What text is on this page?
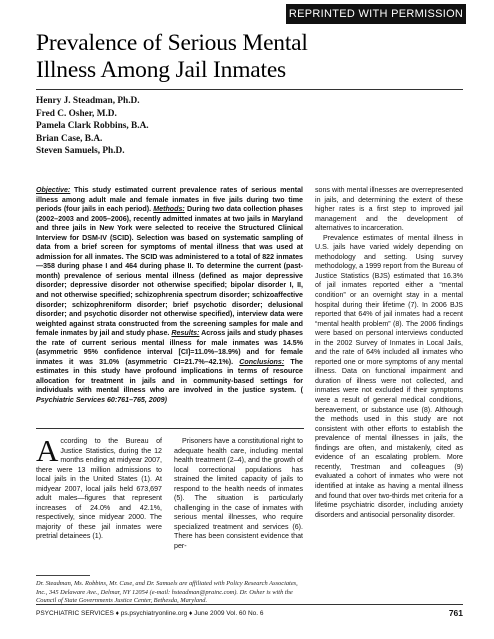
REPRINTED WITH PERMISSION
Prevalence of Serious Mental
Illness Among Jail Inmates
Henry J. Steadman, Ph.D.
Fred C. Osher, M.D.
Pamela Clark Robbins, B.A.
Brian Case, B.A.
Steven Samuels, Ph.D.
Objective: This study estimated current prevalence rates of serious mental illness among adult male and female inmates in five jails during two time periods (four jails in each period). Methods: During two data collection phases (2002–2003 and 2005–2006), recently admitted inmates at two jails in Maryland and three jails in New York were selected to receive the Structured Clinical Interview for DSM-IV (SCID). Selection was based on systematic sampling of data from a brief screen for symptoms of mental illness that was used at admission for all inmates. The SCID was administered to a total of 822 inmates—358 during phase I and 464 during phase II. To determine the current (past-month) prevalence of serious mental illness (defined as major depressive disorder; depressive disorder not otherwise specified; bipolar disorder I, II, and not otherwise specified; schizophrenia spectrum disorder; schizoaffective disorder; schizophreniform disorder; brief psychotic disorder; delusional disorder; and psychotic disorder not otherwise specified), interview data were weighted against strata constructed from the screening samples for male and female inmates by jail and study phase. Results: Across jails and study phases the rate of current serious mental illness for male inmates was 14.5% (asymmetric 95% confidence interval [CI]=11.0%–18.9%) and for female inmates it was 31.0% (asymmetric CI=21.7%–42.1%). Conclusions: The estimates in this study have profound implications in terms of resource allocation for treatment in jails and in community-based settings for individuals with mental illness who are involved in the justice system. ( Psychiatric Services 60:761–765, 2009)

According to the Bureau of Justice Statistics, during the 12 months ending at midyear 2007, there were 13 million admissions to local jails in the United States (1). At midyear 2007, local jails held 673,697 adult males—figures that represent increases of 24.0% and 42.1%, respectively, since midyear 2000. The majority of these jail inmates were pretrial detainees (1).

Prisoners have a constitutional right to adequate health care, including mental health treatment (2–4), and the growth of local correctional populations has strained the limited capacity of jails to respond to the health needs of inmates (5). The situation is particularly challenging in the case of inmates with serious mental illnesses, who require specialized treatment and services (6). There has been consistent evidence that per-

sons with mental illnesses are overrepresented in jails, and determining the extent of these higher rates is a first step to improved jail management and the development of alternatives to incarceration.

Prevalence estimates of mental illness in U.S. jails have varied widely depending on methodology and setting. Using survey methodology, a 1999 report from the Bureau of Justice Statistics (BJS) estimated that 16.3% of jail inmates reported either a “mental condition” or an overnight stay in a mental hospital during their lifetime (7). In 2006 BJS reported that 64% of jail inmates had a recent “mental health problem” (8). The 2006 findings were based on personal interviews conducted in the 2002 Survey of Inmates in Local Jails, and the rate of 64% included all inmates who reported one or more symptoms of any mental illness. Data on functional impairment and duration of illness were not collected, and inmates were not excluded if their symptoms were a result of general medical conditions, bereavement, or substance use (8). Although the methods used in this study are not consistent with other efforts to establish the prevalence of mental illnesses in jails, the findings are often, and mistakenly, cited as evidence of an escalating problem. More recently, Trestman and colleagues (9) evaluated a cohort of inmates who were not identified at intake as having a mental illness and found that over two-thirds met criteria for a lifetime psychiatric disorder, including anxiety disorders and antisocial personality disorder.

Dr. Steadman, Ms. Robbins, Mr. Case, and Dr. Samuels are affiliated with Policy Research Associates, Inc., 345 Delaware Ave., Delmar, NY 12054 (e-mail: hsteadman@prainc.com). Dr. Osher is with the Council of State Governments Justice Center, Bethesda, Maryland.
PSYCHIATRIC SERVICES ♦ ps.psychiatryonline.org ♦ June 2009 Vol. 60 No. 6	761
